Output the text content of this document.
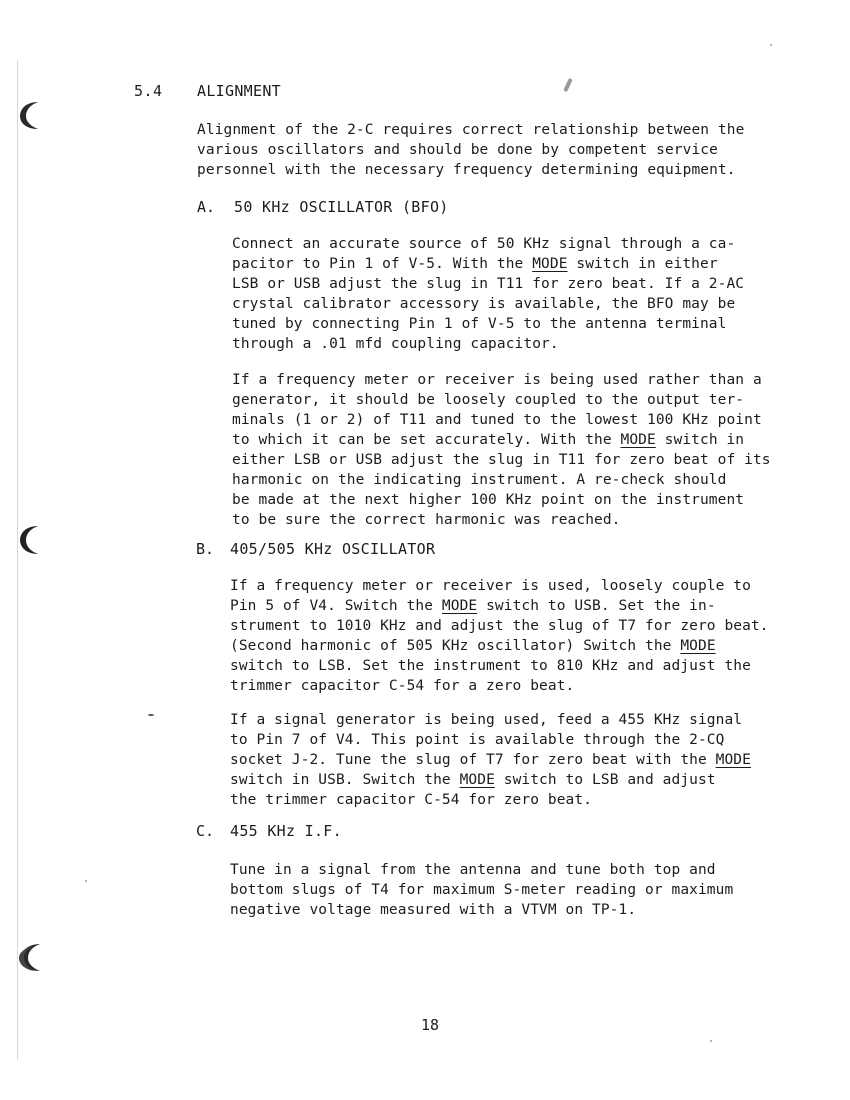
5.4 ALIGNMENT

Alignment of the 2-C requires correct relationship between the
various oscillators and should be done by competent service
personnel with the necessary frequency determining equipment.

A. 50 KHz OSCILLATOR (BFO)

Connect an accurate source of 50 KHz signal through a ca-
pacitor to Pin 1 of V-5. With the MODE switch in either
LSB or USB adjust the slug in T11 for zero beat. If a 2-AC
crystal calibrator accessory is available, the BFO may be
tuned by connecting Pin 1 of V-5 to the antenna terminal
through a .01 mfd coupling capacitor.

If a frequency meter or receiver is being used rather than a
generator, it should be loosely coupled to the output ter-
minals (1 or 2) of T11 and tuned to the lowest 100 KHz point
to which it can be set accurately. With the MODE switch in
either LSB or USB adjust the slug in T11 for zero beat of its
harmonic on the indicating instrument. A re-check should
be made at the next higher 100 KHz point on the instrument
to be sure the correct harmonic was reached.

B. 405/505 KHz OSCILLATOR

If a frequency meter or receiver is used, loosely couple to
Pin 5 of V4. Switch the MODE switch to USB. Set the in-
strument to 1010 KHz and adjust the slug of T7 for zero beat.
(Second harmonic of 505 KHz oscillator) Switch the MODE
switch to LSB. Set the instrument to 810 KHz and adjust the
trimmer capacitor C-54 for a zero beat.

If a signal generator is being used, feed a 455 KHz signal
to Pin 7 of V4. This point is available through the 2-CQ
socket J-2. Tune the slug of T7 for zero beat with the MODE
switch in USB. Switch the MODE switch to LSB and adjust
the trimmer capacitor C-54 for zero beat.

C. 455 KHz I.F.

Tune in a signal from the antenna and tune both top and
bottom slugs of T4 for maximum S-meter reading or maximum
negative voltage measured with a VTVM on TP-1.

18
